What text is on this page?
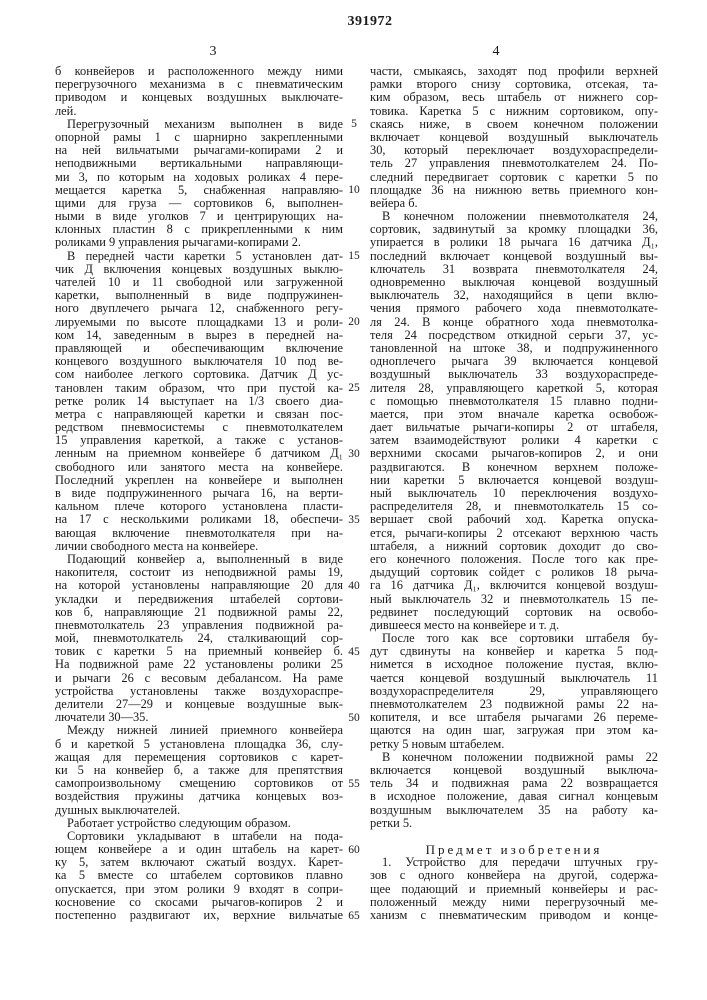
391972
3	4
б конвейеров и расположенного между ними
перегрузочного механизма в с пневматическим
приводом и концевых воздушных выключате-
лей.
Перегрузочный механизм выполнен в виде
опорной рамы 1 с шарнирно закрепленными
на ней вильчатыми рычагами-копирами 2 и
неподвижными вертикальными направляющи-
ми 3, по которым на ходовых роликах 4 пере-
мещается каретка 5, снабженная направляю-
щими для груза — сортовиков 6, выполнен-
ными в виде уголков 7 и центрирующих на-
клонных пластин 8 с прикрепленными к ним
роликами 9 управления рычагами-копирами 2.
В передней части каретки 5 установлен дат-
чик Д включения концевых воздушных выклю-
чателей 10 и 11 свободной или загруженной
каретки, выполненный в виде подпружинен-
ного двуплечего рычага 12, снабженного регу-
лируемыми по высоте площадками 13 и роли-
ком 14, заведенным в вырез в передней на-
правляющей и обеспечивающим включение
концевого воздушного выключателя 10 под ве-
сом наиболее легкого сортовика. Датчик Д ус-
тановлен таким образом, что при пустой ка-
ретке ролик 14 выступает на 1/3 своего диа-
метра с направляющей каретки и связан пос-
редством пневмосистемы с пневмотолкателем
15 управления кареткой, а также с установ-
ленным на приемном конвейере б датчиком Д₁
свободного или занятого места на конвейере.
Последний укреплен на конвейере и выполнен
в виде подпружиненного рычага 16, на верти-
кальном плече которого установлена пласти-
на 17 с несколькими роликами 18, обеспечи-
вающая включение пневмотолкателя при на-
личии свободного места на конвейере.
Подающий конвейер а, выполненный в виде
накопителя, состоит из неподвижной рамы 19,
на которой установлены направляющие 20 для
укладки и передвижения штабелей сортови-
ков б, направляющие 21 подвижной рамы 22,
пневмотолкатель 23 управления подвижной ра-
мой, пневмотолкатель 24, сталкивающий сор-
товик с каретки 5 на приемный конвейер б.
На подвижной раме 22 установлены ролики 25
и рычаги 26 с весовым дебалансом. На раме
устройства установлены также воздухораспре-
делители 27—29 и концевые воздушные вык-
лючатели 30—35.
Между нижней линией приемного конвейера
б и кареткой 5 установлена площадка 36, слу-
жащая для перемещения сортовиков с карет-
ки 5 на конвейер б, а также для препятствия
самопроизвольному смещению сортовиков от
воздействия пружины датчика концевых воз-
душных выключателей.
Работает устройство следующим образом.
Сортовики укладывают в штабели на пода-
ющем конвейере а и один штабель на карет-
ку 5, затем включают сжатый воздух. Карет-
ка 5 вместе со штабелем сортовиков плавно
опускается, при этом ролики 9 входят в сопри-
косновение со скосами рычагов-копиров 2 и
постепенно раздвигают их, верхние вильчатые
5
10
15
20
25
30
35
40
45
50
55
60
65
части, смыкаясь, заходят под профили верхней
рамки второго снизу сортовика, отсекая, та-
ким образом, весь штабель от нижнего сор-
товика. Каретка 5 с нижним сортовиком, опу-
скаясь ниже, в своем конечном положении
включает концевой воздушный выключатель
30, который переключает воздухораспредели-
тель 27 управления пневмотолкателем 24. По-
следний передвигает сортовик с каретки 5 по
площадке 36 на нижнюю ветвь приемного кон-
вейера б.
В конечном положении пневмотолкателя 24,
сортовик, задвинутый за кромку площадки 36,
упирается в ролики 18 рычага 16 датчика Д₁,
последний включает концевой воздушный вы-
ключатель 31 возврата пневмотолкателя 24,
одновременно выключая концевой воздушный
выключатель 32, находящийся в цепи вклю-
чения прямого рабочего хода пневмотолкате-
ля 24. В конце обратного хода пневмотолка-
теля 24 посредством откидной серьги 37, ус-
тановленной на штоке 38, и подпружиненного
одноплечего рычага 39 включается концевой
воздушный выключатель 33 воздухораспреде-
лителя 28, управляющего кареткой 5, которая
с помощью пневмотолкателя 15 плавно подни-
мается, при этом вначале каретка освобож-
дает вильчатые рычаги-копиры 2 от штабеля,
затем взаимодействуют ролики 4 каретки с
верхними скосами рычагов-копиров 2, и они
раздвигаются. В конечном верхнем положе-
нии каретки 5 включается концевой воздуш-
ный выключатель 10 переключения воздухо-
распределителя 28, и пневмотолкатель 15 со-
вершает свой рабочий ход. Каретка опуска-
ется, рычаги-копиры 2 отсекают верхнюю часть
штабеля, а нижний сортовик доходит до сво-
его конечного положения. После того как пре-
дыдущий сортовик сойдет с роликов 18 рыча-
га 16 датчика Д₁, включится концевой воздуш-
ный выключатель 32 и пневмотолкатель 15 пе-
редвинет последующий сортовик на освобо-
дившееся место на конвейере и т. д.
После того как все сортовики штабеля бу-
дут сдвинуты на конвейер и каретка 5 под-
нимется в исходное положение пустая, вклю-
чается концевой воздушный выключатель 11
воздухораспределителя 29, управляющего
пневмотолкателем 23 подвижной рамы 22 на-
копителя, и все штабеля рычагами 26 переме-
щаются на один шаг, загружая при этом ка-
ретку 5 новым штабелем.
В конечном положении подвижной рамы 22
включается концевой воздушный выключа-
тель 34 и подвижная рама 22 возвращается
в исходное положение, давая сигнал концевым
воздушным выключателем 35 на работу ка-
ретки 5.
Предмет изобретения
1. Устройство для передачи штучных гру-
зов с одного конвейера на другой, содержа-
щее подающий и приемный конвейеры и рас-
положенный между ними перегрузочный ме-
ханизм с пневматическим приводом и конце-
